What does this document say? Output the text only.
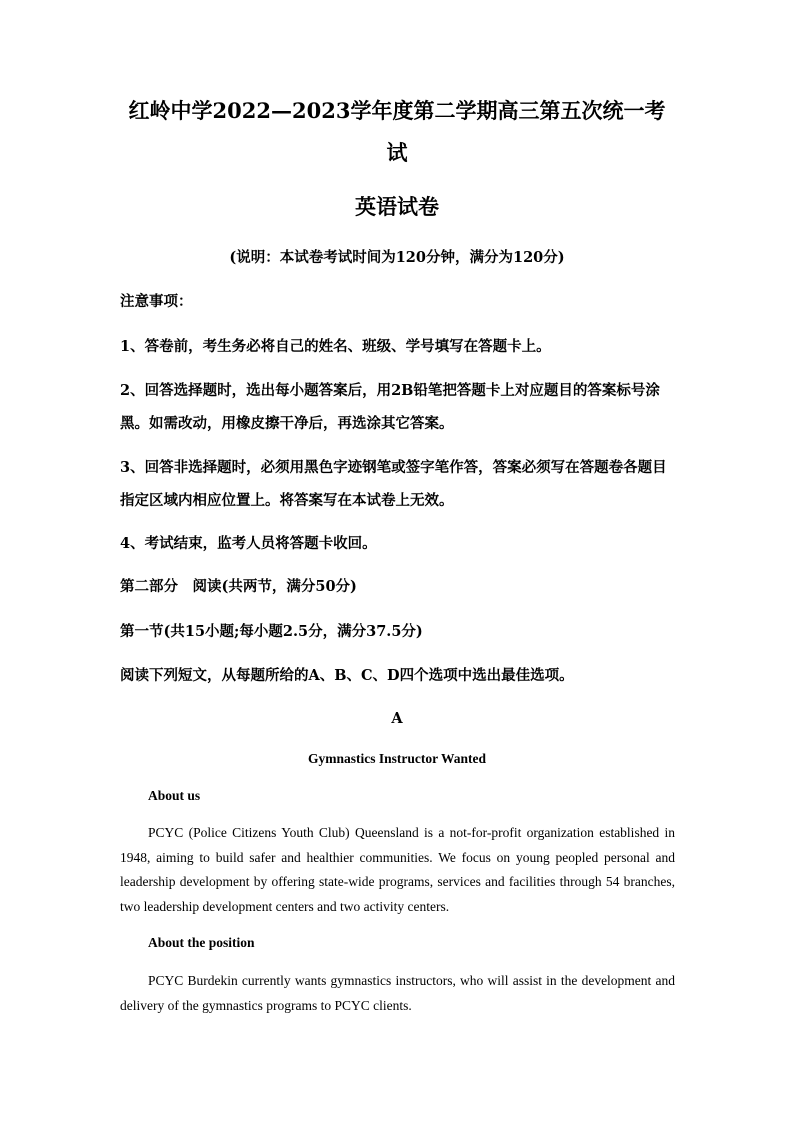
红岭中学2022—2023学年度第二学期高三第五次统一考试
英语试卷
(说明：本试卷考试时间为120分钟，满分为120分)
注意事项：
1、答卷前，考生务必将自己的姓名、班级、学号填写在答题卡上。
2、回答选择题时，选出每小题答案后，用2B铅笔把答题卡上对应题目的答案标号涂黑。如需改动，用橡皮擦干净后，再选涂其它答案。
3、回答非选择题时，必须用黑色字迹钢笔或签字笔作答，答案必须写在答题卷各题目指定区域内相应位置上。将答案写在本试卷上无效。
4、考试结束，监考人员将答题卡收回。
第二部分　阅读(共两节，满分50分)
第一节(共15小题;每小题2.5分，满分37.5分)
阅读下列短文，从每题所给的A、B、C、D四个选项中选出最佳选项。
A
Gymnastics Instructor Wanted
About us
PCYC (Police Citizens Youth Club) Queensland is a not-for-profit organization established in 1948, aiming to build safer and healthier communities. We focus on young peopled personal and leadership development by offering state-wide programs, services and facilities through 54 branches, two leadership development centers and two activity centers.
About the position
PCYC Burdekin currently wants gymnastics instructors, who will assist in the development and delivery of the gymnastics programs to PCYC clients.
